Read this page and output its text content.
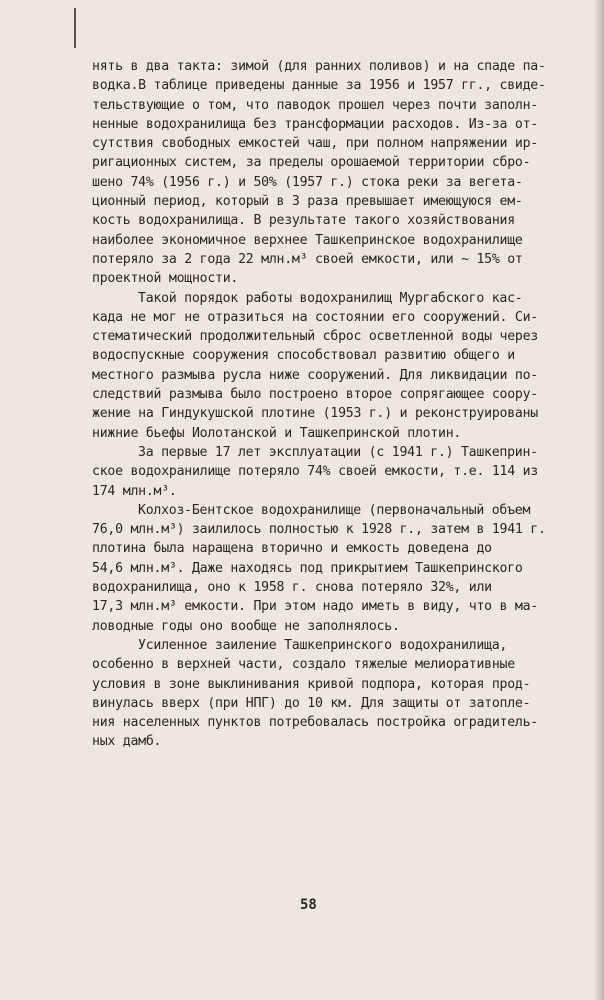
нять в два такта: зимой (для ранних поливов) и на спаде па-
водка.В таблице приведены данные за 1956 и 1957 гг., свиде-
тельствующие о том, что паводок прошел через почти заполн-
ненные водохранилища без трансформации расходов. Из-за от-
сутствия свободных емкостей чаш, при полном напряжении ир-
ригационных систем, за пределы орошаемой территории сбро-
шено 74% (1956 г.) и 50% (1957 г.) стока реки за вегета-
ционный период, который в 3 раза превышает имеющуюся ем-
кость водохранилища. В результате такого хозяйствования
наиболее экономичное верхнее Ташкепринское водохранилище
потеряло за 2 года 22 млн.м³ своей емкости, или ~ 15% от
проектной мощности.
Такой порядок работы водохранилищ Мургабского кас-
када не мог не отразиться на состоянии его сооружений. Си-
стематический продолжительный сброс осветленной воды через
водоспускные сооружения способствовал развитию общего и
местного размыва русла ниже сооружений. Для ликвидации по-
следствий размыва было построено второе сопрягающее соору-
жение на Гиндукушской плотине (1953 г.) и реконструированы
нижние бьефы Иолотанской и Ташкепринской плотин.
За первые 17 лет эксплуатации (с 1941 г.) Ташкеприн-
ское водохранилище потеряло 74% своей емкости, т.е. 114 из
174 млн.м³.
Колхоз-Бентское водохранилище (первоначальный объем
76,0 млн.м³) заилилось полностью к 1928 г., затем в 1941 г.
плотина была наращена вторично и емкость доведена до
54,6 млн.м³. Даже находясь под прикрытием Ташкепринского
водохранилища, оно к 1958 г. снова потеряло 32%, или
17,3 млн.м³ емкости. При этом надо иметь в виду, что в ма-
ловодные годы оно вообще не заполнялось.
Усиленное заиление Ташкепринского водохранилища,
особенно в верхней части, создало тяжелые мелиоративные
условия в зоне выклинивания кривой подпора, которая прод-
винулась вверх (при НПГ) до 10 км. Для защиты от затопле-
ния населенных пунктов потребовалась постройка оградитель-
ных дамб.
58
